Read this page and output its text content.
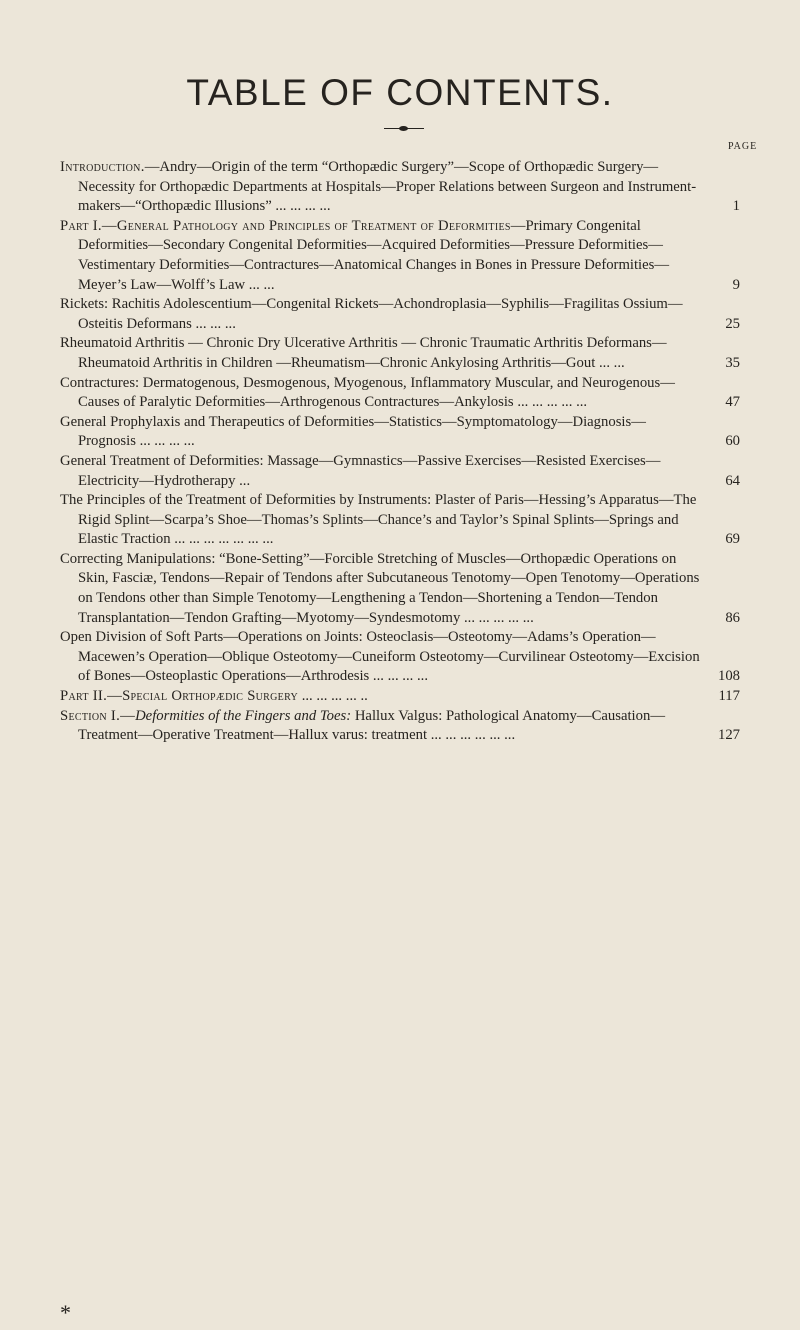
TABLE OF CONTENTS.
PAGE
Introduction.—Andry—Origin of the term “Orthopædic Surgery”—Scope of Orthopædic Surgery—Necessity for Orthopædic Departments at Hospitals—Proper Relations between Surgeon and Instrument-makers—“Orthopædic Illusions” ... ... ... ...	1
Part I.—General Pathology and Principles of Treatment of Deformities—Primary Congenital Deformities—Secondary Congenital Deformities—Acquired Deformities—Pressure Deformities—Vestimentary Deformities—Contractures—Anatomical Changes in Bones in Pressure Deformities—Meyer’s Law—Wolff’s Law ... ...	9
Rickets: Rachitis Adolescentium—Congenital Rickets—Achondroplasia—Syphilis—Fragilitas Ossium—Osteitis Deformans ... ... ...	25
Rheumatoid Arthritis — Chronic Dry Ulcerative Arthritis — Chronic Traumatic Arthritis Deformans—Rheumatoid Arthritis in Children —Rheumatism—Chronic Ankylosing Arthritis—Gout ... ...	35
Contractures: Dermatogenous, Desmogenous, Myogenous, Inflammatory Muscular, and Neurogenous—Causes of Paralytic Deformities—Arthrogenous Contractures—Ankylosis ... ... ... ... ...	47
General Prophylaxis and Therapeutics of Deformities—Statistics—Symptomatology—Diagnosis—Prognosis ... ... ... ...	60
General Treatment of Deformities: Massage—Gymnastics—Passive Exercises—Resisted Exercises—Electricity—Hydrotherapy ...	64
The Principles of the Treatment of Deformities by Instruments: Plaster of Paris—Hessing’s Apparatus—The Rigid Splint—Scarpa’s Shoe—Thomas’s Splints—Chance’s and Taylor’s Spinal Splints—Springs and Elastic Traction ... ... ... ... ... ... ...	69
Correcting Manipulations: “Bone-Setting”—Forcible Stretching of Muscles—Orthopædic Operations on Skin, Fasciæ, Tendons—Repair of Tendons after Subcutaneous Tenotomy—Open Tenotomy—Operations on Tendons other than Simple Tenotomy—Lengthening a Tendon—Shortening a Tendon—Tendon Transplantation—Tendon Grafting—Myotomy—Syndesmotomy ... ... ... ... ...	86
Open Division of Soft Parts—Operations on Joints: Osteoclasis—Osteotomy—Adams’s Operation—Macewen’s Operation—Oblique Osteotomy—Cuneiform Osteotomy—Curvilinear Osteotomy—Excision of Bones—Osteoplastic Operations—Arthrodesis ... ... ... ...	108
Part II.—Special Orthopædic Surgery ... ... ... ... ..	117
Section I.—Deformities of the Fingers and Toes: Hallux Valgus: Pathological Anatomy—Causation—Treatment—Operative Treatment—Hallux varus: treatment ... ... ... ... ... ...	127
*
